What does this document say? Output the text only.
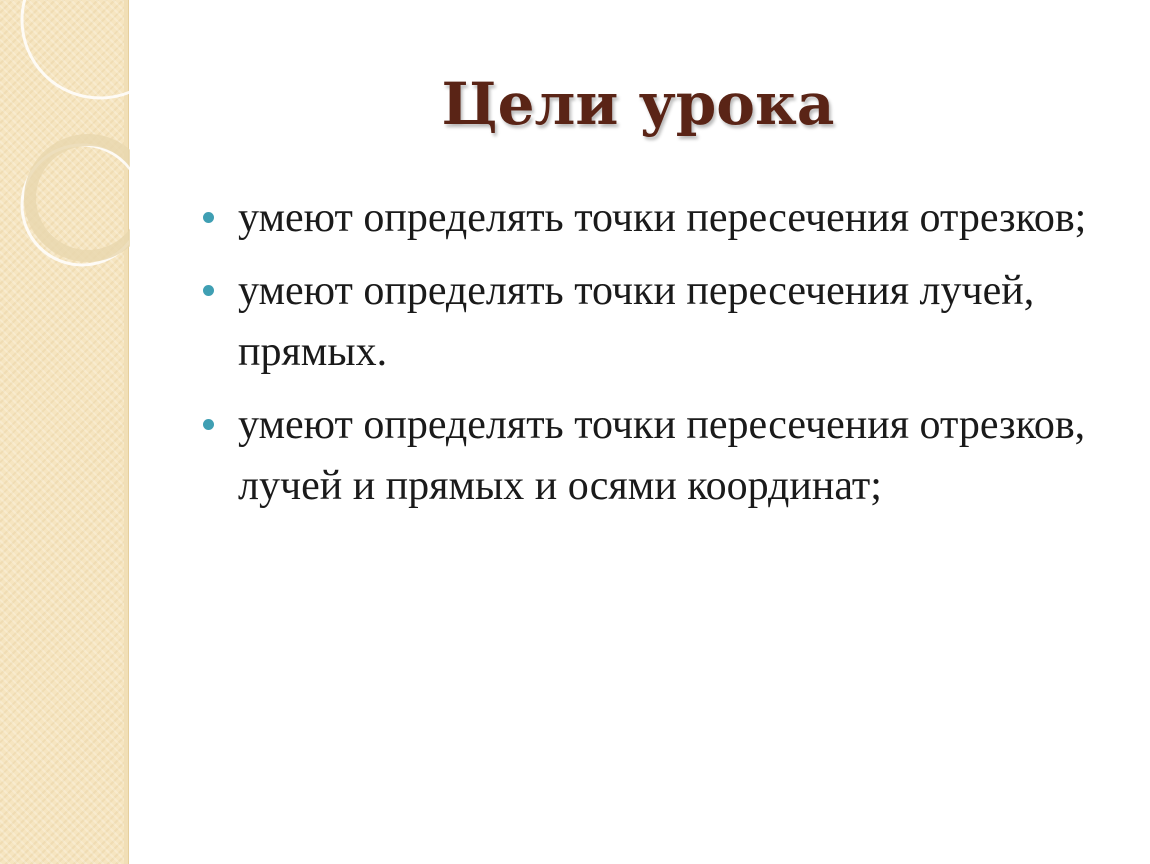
Цели урока
умеют определять точки пересечения отрезков;
умеют определять точки пересечения лучей, прямых.
умеют определять точки пересечения отрезков, лучей и прямых и осями координат;
